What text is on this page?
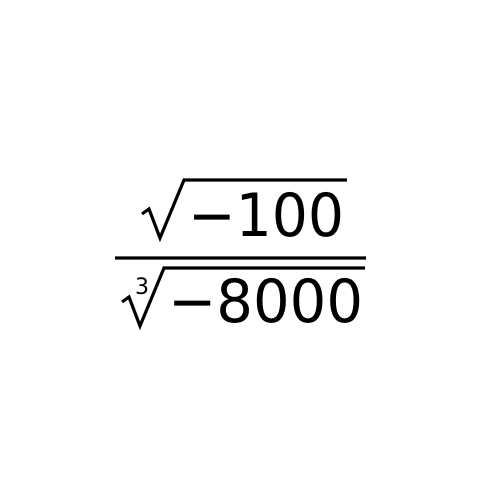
−100
3 −8000
